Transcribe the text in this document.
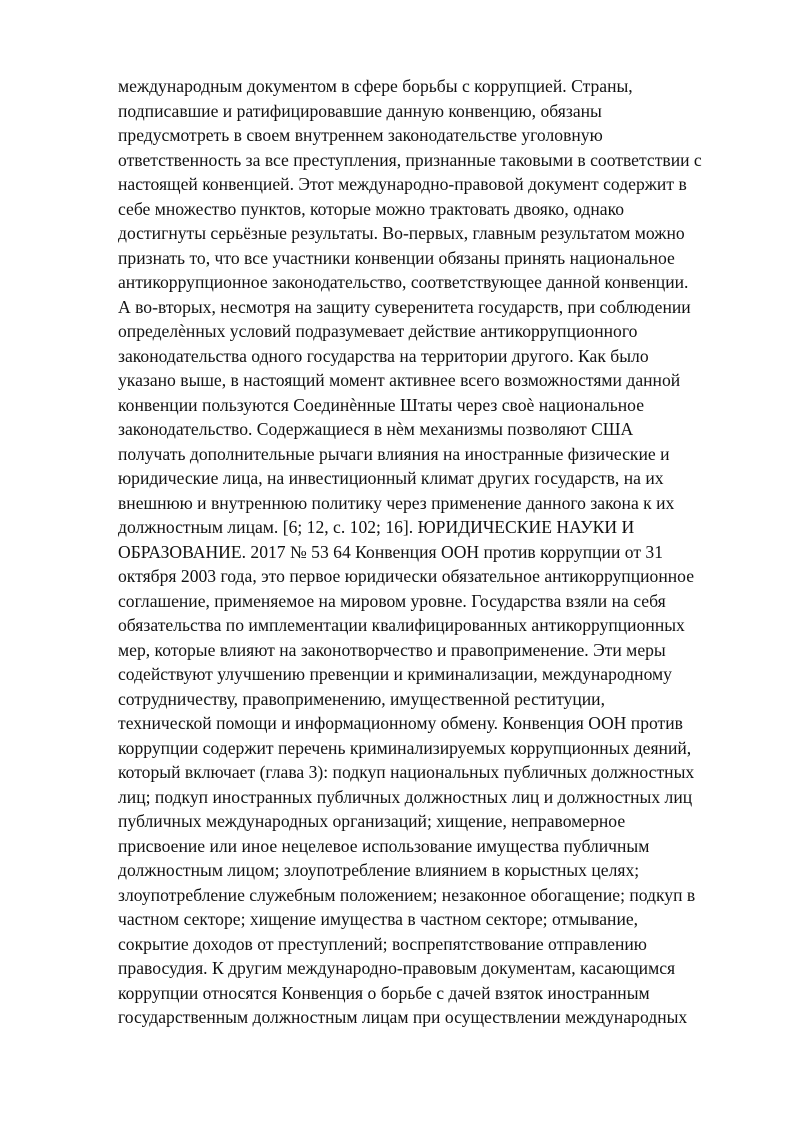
международным документом в сфере борьбы с коррупцией. Страны,
подписавшие и ратифицировавшие данную конвенцию, обязаны
предусмотреть в своем внутреннем законодательстве уголовную
ответственность за все преступления, признанные таковыми в соответствии с
настоящей конвенцией. Этот международно-правовой документ содержит в
себе множество пунктов, которые можно трактовать двояко, однако
достигнуты серьёзные результаты. Во-первых, главным результатом можно
признать то, что все участники конвенции обязаны принять национальное
антикоррупционное законодательство, соответствующее данной конвенции.
А во-вторых, несмотря на защиту суверенитета государств, при соблюдении
определѐнных условий подразумевает действие антикоррупционного
законодательства одного государства на территории другого. Как было
указано выше, в настоящий момент активнее всего возможностями данной
конвенции пользуются Соединѐнные Штаты через своѐ национальное
законодательство. Содержащиеся в нѐм механизмы позволяют США
получать дополнительные рычаги влияния на иностранные физические и
юридические лица, на инвестиционный климат других государств, на их
внешнюю и внутреннюю политику через применение данного закона к их
должностным лицам. [6; 12, с. 102; 16]. ЮРИДИЧЕСКИЕ НАУКИ И
ОБРАЗОВАНИЕ. 2017 № 53 64 Конвенция ООН против коррупции от 31
октября 2003 года, это первое юридически обязательное антикоррупционное
соглашение, применяемое на мировом уровне. Государства взяли на себя
обязательства по имплементации квалифицированных антикоррупционных
мер, которые влияют на законотворчество и правоприменение. Эти меры
содействуют улучшению превенции и криминализации, международному
сотрудничеству, правоприменению, имущественной реституции,
технической помощи и информационному обмену. Конвенция ООН против
коррупции содержит перечень криминализируемых коррупционных деяний,
который включает (глава 3): подкуп национальных публичных должностных
лиц; подкуп иностранных публичных должностных лиц и должностных лиц
публичных международных организаций; хищение, неправомерное
присвоение или иное нецелевое использование имущества публичным
должностным лицом; злоупотребление влиянием в корыстных целях;
злоупотребление служебным положением; незаконное обогащение; подкуп в
частном секторе; хищение имущества в частном секторе; отмывание,
сокрытие доходов от преступлений; воспрепятствование отправлению
правосудия. К другим международно-правовым документам, касающимся
коррупции относятся Конвенция о борьбе с дачей взяток иностранным
государственным должностным лицам при осуществлении международных
